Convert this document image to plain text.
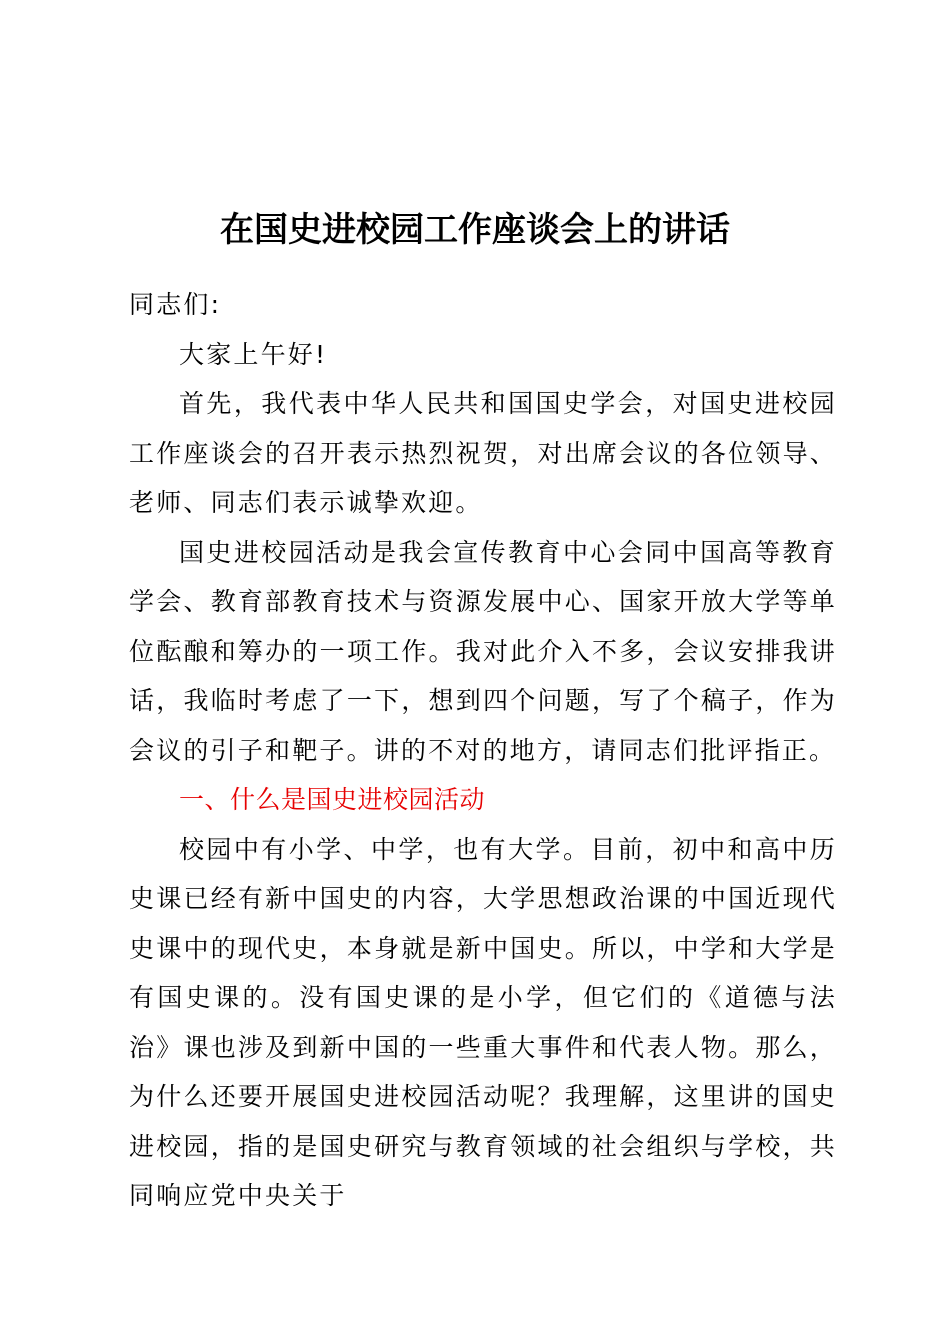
在国史进校园工作座谈会上的讲话

同志们:

大家上午好!

首先，我代表中华人民共和国国史学会，对国史进校园工作座谈会的召开表示热烈祝贺，对出席会议的各位领导、老师、同志们表示诚挚欢迎。

国史进校园活动是我会宣传教育中心会同中国高等教育学会、教育部教育技术与资源发展中心、国家开放大学等单位酝酿和筹办的一项工作。我对此介入不多，会议安排我讲话，我临时考虑了一下，想到四个问题，写了个稿子，作为会议的引子和靶子。讲的不对的地方，请同志们批评指正。

一、什么是国史进校园活动

校园中有小学、中学，也有大学。目前，初中和高中历史课已经有新中国史的内容，大学思想政治课的中国近现代史课中的现代史，本身就是新中国史。所以，中学和大学是有国史课的。没有国史课的是小学，但它们的《道德与法治》课也涉及到新中国的一些重大事件和代表人物。那么，为什么还要开展国史进校园活动呢？我理解，这里讲的国史进校园，指的是国史研究与教育领域的社会组织与学校，共同响应党中央关于
